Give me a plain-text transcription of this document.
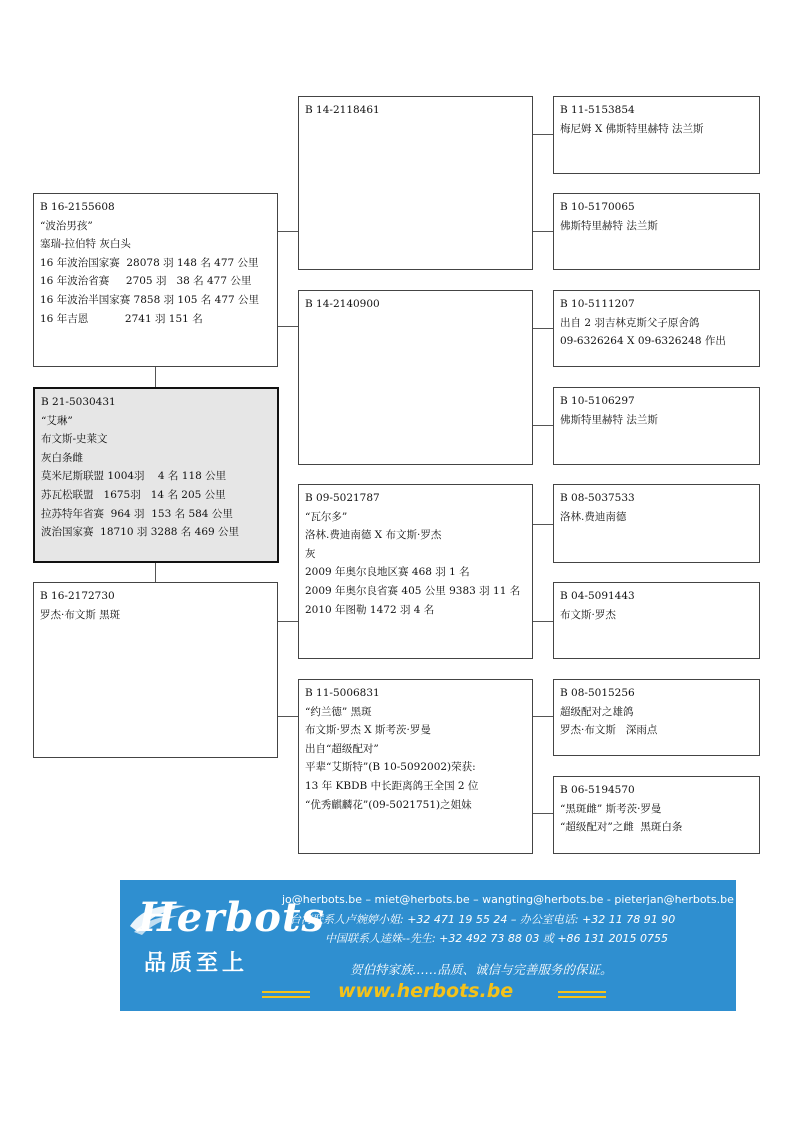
B 16-2155608
“波治男孩”
塞瑞-拉伯特 灰白头
16 年波治国家赛  28078 羽 148 名 477 公里
16 年波治省赛     2705 羽   38 名 477 公里
16 年波治半国家赛 7858 羽 105 名 477 公里
16 年吉恩           2741 羽 151 名
B 21-5030431
“艾琳”
布文斯-史莱文
灰白条雌
莫米尼斯联盟 1004羽    4 名 118 公里
苏瓦松联盟   1675羽   14 名 205 公里
拉苏特年省赛  964 羽  153 名 584 公里
波治国家赛  18710 羽 3288 名 469 公里
B 16-2172730
罗杰·布文斯 黑斑
B 14-2118461
B 14-2140900
B 09-5021787
“瓦尔多”
洛林.费迪南德 X 布文斯·罗杰
灰
2009 年奥尔良地区赛 468 羽 1 名
2009 年奥尔良省赛 405 公里 9383 羽 11 名
2010 年图勒 1472 羽 4 名
B 11-5006831
“约兰德” 黑斑
布文斯·罗杰 X 斯考茨·罗曼
出自“超级配对”
平辈“艾斯特”(B 10-5092002)荣获:
13 年 KBDB 中长距离鸽王全国 2 位
“优秀麒麟花”(09-5021751)之姐妹
B 11-5153854
梅尼姆 X 佛斯特里赫特 法兰斯
B 10-5170065
佛斯特里赫特 法兰斯
B 10-5111207
出自 2 羽吉林克斯父子原舍鸽
09-6326264 X 09-6326248 作出
B 10-5106297
佛斯特里赫特 法兰斯
B 08-5037533
洛林.费迪南德
B 04-5091443
布文斯·罗杰
B 08-5015256
超级配对之雄鸽
罗杰·布文斯   深雨点
B 06-5194570
“黑斑雌” 斯考茨·罗曼
“超级配对”之雌  黑斑白条
Herbots
品质至上
jo@herbots.be – miet@herbots.be – wangting@herbots.be - pieterjan@herbots.be
台湾联系人卢婉婷小姐: +32 471 19 55 24 – 办公室电话: +32 11 78 91 90
中国联系人逵姝--先生: +32 492 73 88 03 或 +86 131 2015 0755
贺伯特家族……品质、诚信与完善服务的保证。
www.herbots.be
